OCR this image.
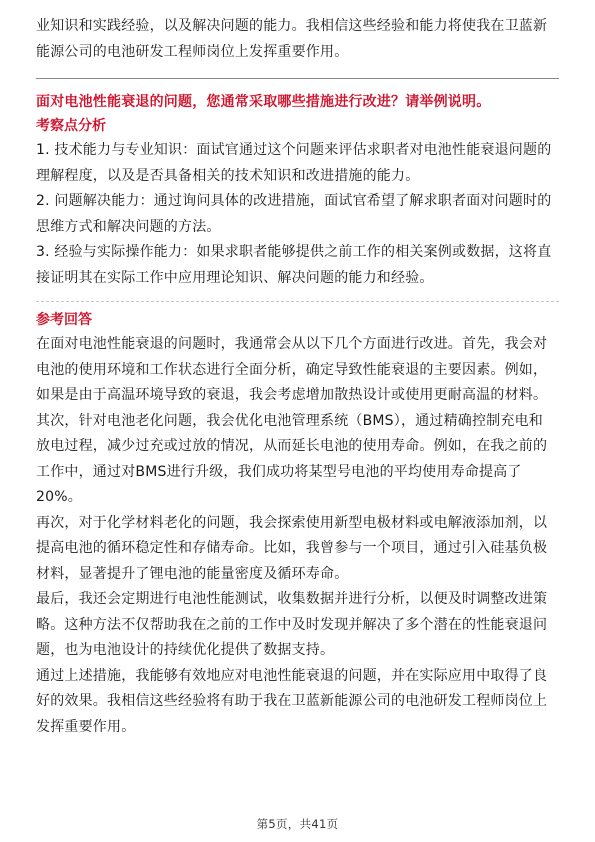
业知识和实践经验，以及解决问题的能力。我相信这些经验和能力将使我在卫蓝新
能源公司的电池研发工程师岗位上发挥重要作用。

面对电池性能衰退的问题，您通常采取哪些措施进行改进？请举例说明。

考察点分析

1. 技术能力与专业知识：面试官通过这个问题来评估求职者对电池性能衰退问题的
理解程度，以及是否具备相关的技术知识和改进措施的能力。

2. 问题解决能力：通过询问具体的改进措施，面试官希望了解求职者面对问题时的
思维方式和解决问题的方法。

3. 经验与实际操作能力：如果求职者能够提供之前工作的相关案例或数据，这将直
接证明其在实际工作中应用理论知识、解决问题的能力和经验。

参考回答

在面对电池性能衰退的问题时，我通常会从以下几个方面进行改进。首先，我会对
电池的使用环境和工作状态进行全面分析，确定导致性能衰退的主要因素。例如，
如果是由于高温环境导致的衰退，我会考虑增加散热设计或使用更耐高温的材料。

其次，针对电池老化问题，我会优化电池管理系统（BMS），通过精确控制充电和
放电过程，减少过充或过放的情况，从而延长电池的使用寿命。例如，在我之前的
工作中，通过对BMS进行升级，我们成功将某型号电池的平均使用寿命提高了
20%。

再次，对于化学材料老化的问题，我会探索使用新型电极材料或电解液添加剂，以
提高电池的循环稳定性和存储寿命。比如，我曾参与一个项目，通过引入硅基负极
材料，显著提升了锂电池的能量密度及循环寿命。

最后，我还会定期进行电池性能测试，收集数据并进行分析，以便及时调整改进策
略。这种方法不仅帮助我在之前的工作中及时发现并解决了多个潜在的性能衰退问
题，也为电池设计的持续优化提供了数据支持。

通过上述措施，我能够有效地应对电池性能衰退的问题，并在实际应用中取得了良
好的效果。我相信这些经验将有助于我在卫蓝新能源公司的电池研发工程师岗位上
发挥重要作用。

第5页，共41页
